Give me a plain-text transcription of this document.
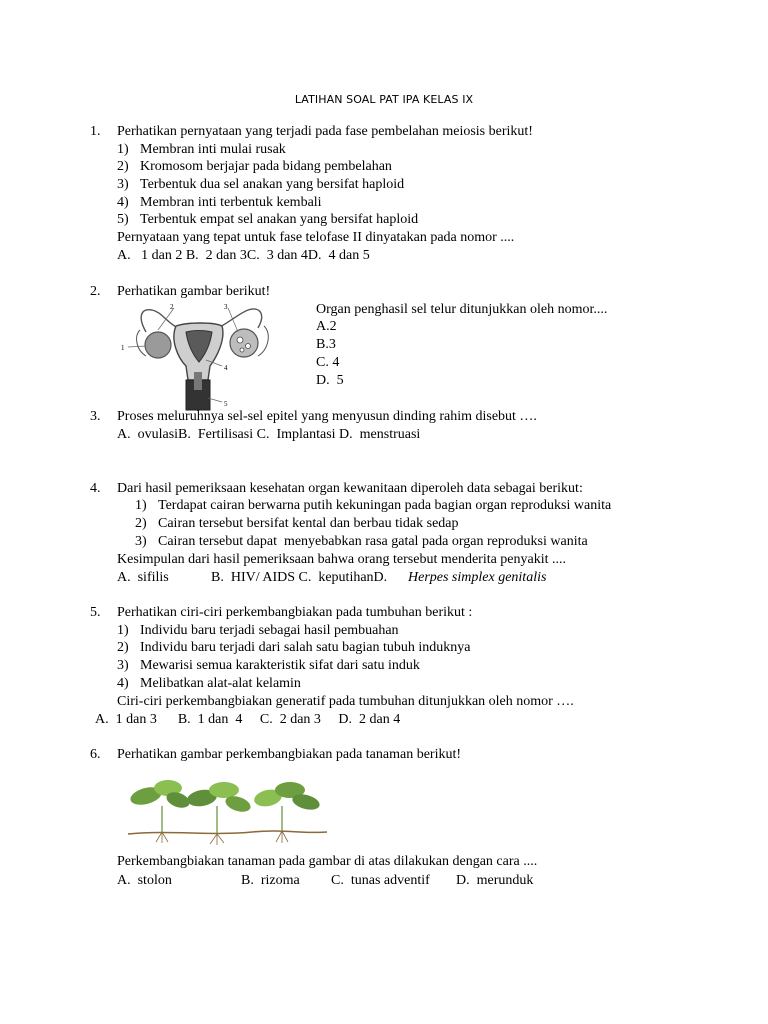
LATIHAN SOAL PAT IPA KELAS IX
1. Perhatikan pernyataan yang terjadi pada fase pembelahan meiosis berikut!
1) Membran inti mulai rusak
2) Kromosom berjajar pada bidang pembelahan
3) Terbentuk dua sel anakan yang bersifat haploid
4) Membran inti terbentuk kembali
5) Terbentuk empat sel anakan yang bersifat haploid
Pernyataan yang tepat untuk fase telofase II dinyatakan pada nomor ....
A.   1 dan 2 B.  2 dan 3C.  3 dan 4D.  4 dan 5
2. Perhatikan gambar berikut!
1
2	3
4
5
Organ penghasil sel telur ditunjukkan oleh nomor....
A.2
B.3
C. 4
D.  5
3. Proses meluruhnya sel-sel epitel yang menyusun dinding rahim disebut ….
A.  ovulasiB.  Fertilisasi C.  Implantasi D.  menstruasi
4. Dari hasil pemeriksaan kesehatan organ kewanitaan diperoleh data sebagai berikut:
1) Terdapat cairan berwarna putih kekuningan pada bagian organ reproduksi wanita
2) Cairan tersebut bersifat kental dan berbau tidak sedap
3) Cairan tersebut dapat  menyebabkan rasa gatal pada organ reproduksi wanita
Kesimpulan dari hasil pemeriksaan bahwa orang tersebut menderita penyakit ....
A.  sifilis	B.  HIV/ AIDS C.  keputihanD. Herpes simplex genitalis
5. Perhatikan ciri-ciri perkembangbiakan pada tumbuhan berikut :
1) Individu baru terjadi sebagai hasil pembuahan
2) Individu baru terjadi dari salah satu bagian tubuh induknya
3) Mewarisi semua karakteristik sifat dari satu induk
4) Melibatkan alat-alat kelamin
Ciri-ciri perkembangbiakan generatif pada tumbuhan ditunjukkan oleh nomor ….
A.  1 dan 3      B.  1 dan  4     C.  2 dan 3     D.  2 dan 4
6. Perhatikan gambar perkembangbiakan pada tanaman berikut!
Perkembangbiakan tanaman pada gambar di atas dilakukan dengan cara ....
A.  stolon	B.  rizoma C.  tunas adventif D.  merunduk
